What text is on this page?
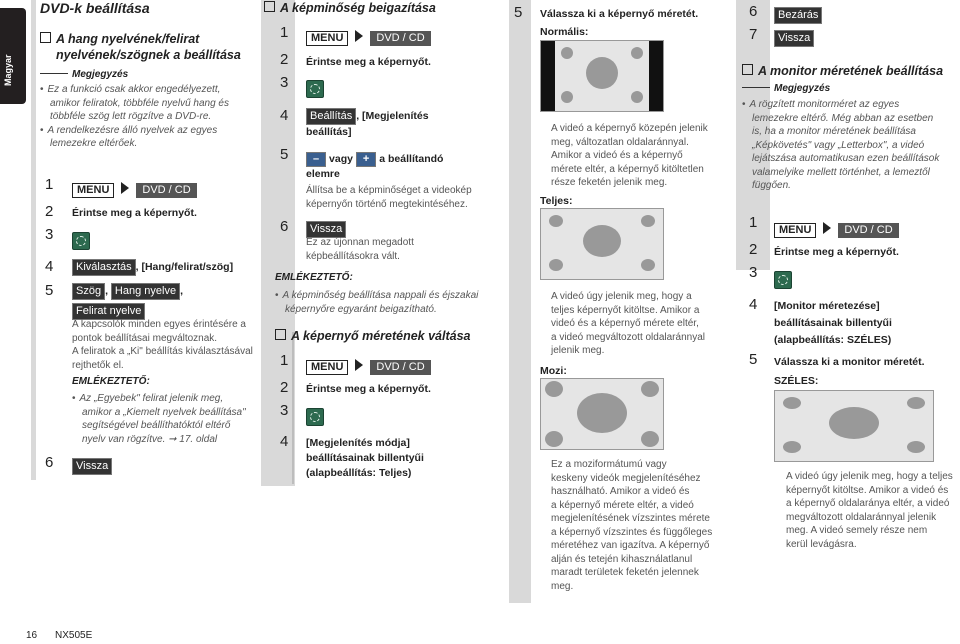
Magyar
DVD-k beállítása
A hang nyelvének/felirat
nyelvének/szögnek a beállítása
Megjegyzés
• Ez a funkció csak akkor engedélyezett,
amikor feliratok, többféle nyelvű hang és
többféle szög lett rögzítve a DVD-re.
• A rendelkezésre álló nyelvek az egyes
lemezekre eltérőek.
1	MENU	DVD / CD
2 Érintse meg a képernyőt.
3
4	Kiválasztás , [Hang/felirat/szög]
5	Szög , Hang nyelve ,
Felirat nyelve
A kapcsolók minden egyes érintésére a
pontok beállításai megváltoznak.
A feliratok a „Ki" beállítás kiválasztásával
rejthetők el.
EMLÉKEZTETŐ:
• Az „Egyebek" felirat jelenik meg,
amikor a „Kiemelt nyelvek beállítása"
segítségével beállíthatóktól eltérő
nyelv van rögzítve. ➞ 17. oldal
6	Vissza
A képminőség beigazítása
1	MENU	DVD / CD
2 Érintse meg a képernyőt.
3
4	Beállítás , [Megjelenítés
beállítás]
5	– vagy + a beállítandó
elemre
Állítsa be a képminőséget a videokép
képernyőn történő megtekintéséhez.
6	Vissza
Ez az újonnan megadott
képbeállításokra vált.
EMLÉKEZTETŐ:
• A képminőség beállítása nappali és éjszakai
képernyőre egyaránt beigazítható.
A képernyő méretének váltása
1	MENU	DVD / CD
2 Érintse meg a képernyőt.
3
4 [Megjelenítés módja]
beállításainak billentyűi
(alapbeállítás: Teljes)
5 Válassza ki a képernyő méretét.
Normális:
A videó a képernyő közepén jelenik
meg, változatlan oldalaránnyal.
Amikor a videó és a képernyő
mérete eltér, a képernyő kitöltetlen
része feketén jelenik meg.
Teljes:
A videó úgy jelenik meg, hogy a
teljes képernyőt kitöltse. Amikor a
videó és a képernyő mérete eltér,
a videó megváltozott oldalaránnyal
jelenik meg.
Mozi:
Ez a moziformátumú vagy
keskeny videók megjelenítéséhez
használható. Amikor a videó és
a képernyő mérete eltér, a videó
megjelenítésének vízszintes mérete
a képernyő vízszintes és függőleges
méretéhez van igazítva. A képernyő
alján és tetején kihasználatlanul
maradt területek feketén jelennek
meg.
6	Bezárás
7	Vissza
A monitor méretének beállítása
Megjegyzés
• A rögzített monitorméret az egyes
lemezekre eltérő. Még abban az esetben
is, ha a monitor méretének beállítása
„Képkövetés" vagy „Letterbox", a videó
lejátszása automatikusan ezen beállítások
valamelyike mellett történhet, a lemeztől
függően.
1	MENU	DVD / CD
2 Érintse meg a képernyőt.
3
4 [Monitor méretezése]
beállításainak billentyűi
(alapbeállítás: SZÉLES)
5 Válassza ki a monitor méretét.
SZÉLES:
A videó úgy jelenik meg, hogy a teljes
képernyőt kitöltse. Amikor a videó és
a képernyő oldalaránya eltér, a videó
megváltozott oldalaránnyal jelenik
meg. A videó semely része nem
kerül levágásra.
16 NX505E
